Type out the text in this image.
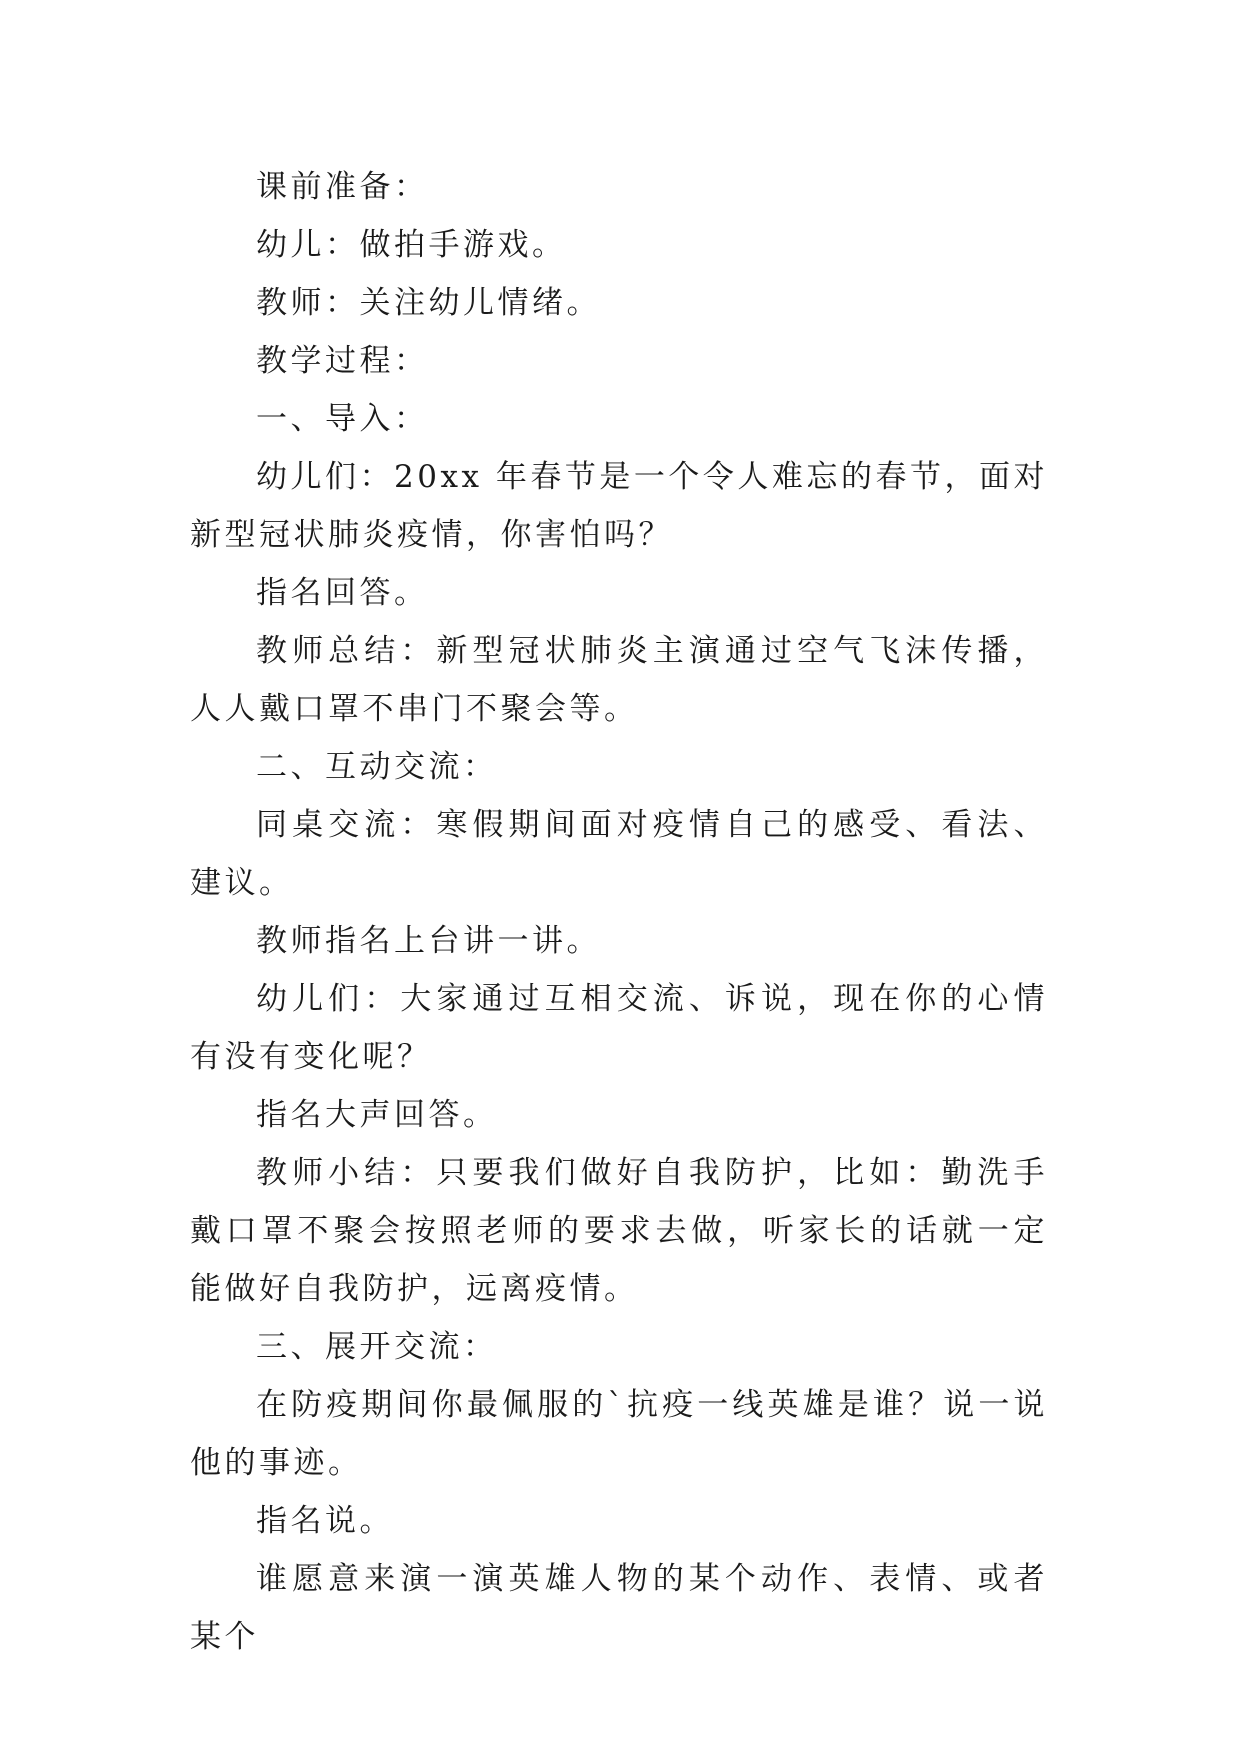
课前准备：

幼儿：做拍手游戏。

教师：关注幼儿情绪。

教学过程：

一、导入：

幼儿们：20xx 年春节是一个令人难忘的春节，面对新型冠状肺炎疫情，你害怕吗？

指名回答。

教师总结：新型冠状肺炎主演通过空气飞沫传播，人人戴口罩不串门不聚会等。

二、互动交流：

同桌交流：寒假期间面对疫情自己的感受、看法、建议。

教师指名上台讲一讲。

幼儿们：大家通过互相交流、诉说，现在你的心情有没有变化呢？

指名大声回答。

教师小结：只要我们做好自我防护，比如：勤洗手戴口罩不聚会按照老师的要求去做，听家长的话就一定能做好自我防护，远离疫情。

三、展开交流：

在防疫期间你最佩服的`抗疫一线英雄是谁？说一说他的事迹。

指名说。

谁愿意来演一演英雄人物的某个动作、表情、或者某个
